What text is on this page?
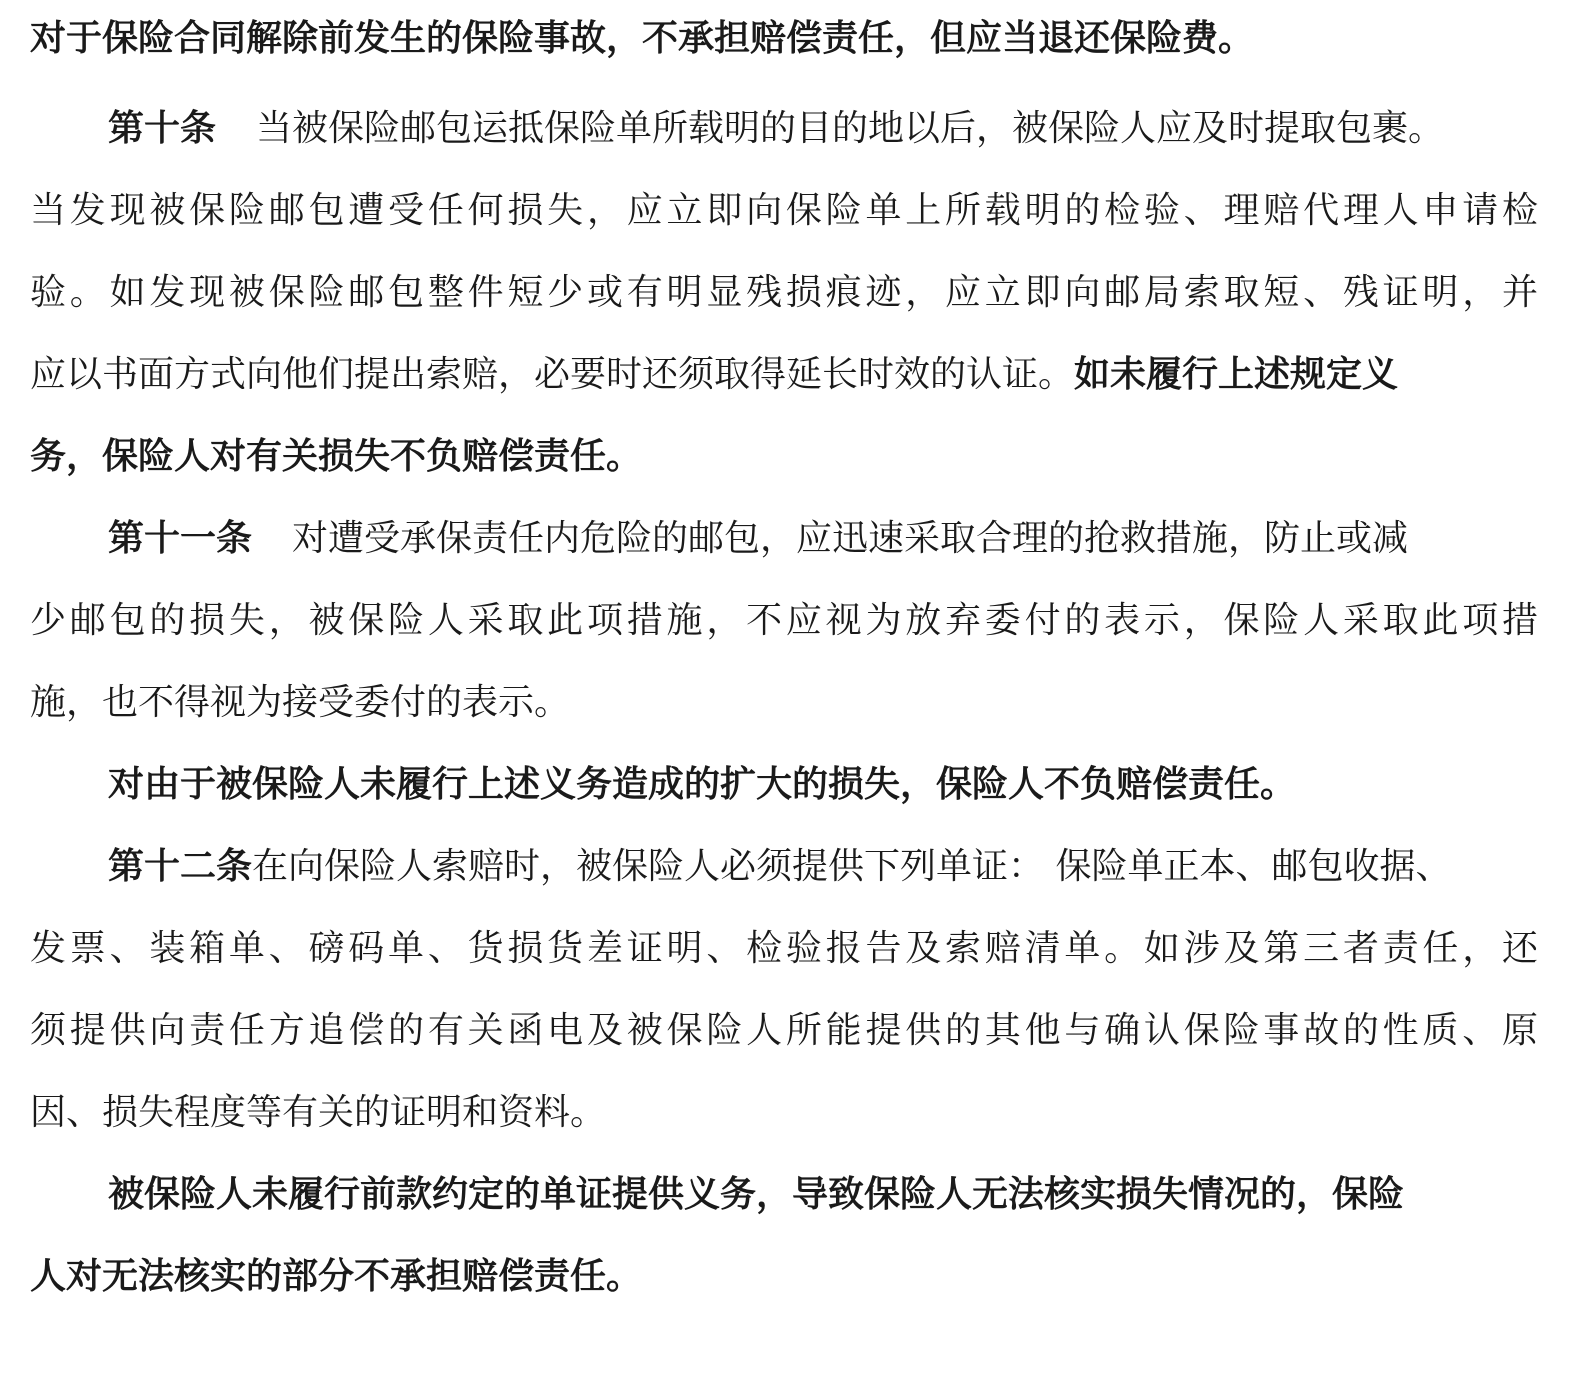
对于保险合同解除前发生的保险事故，不承担赔偿责任，但应当退还保险费。
第十条 当被保险邮包运抵保险单所载明的目的地以后，被保险人应及时提取包裹。
当发现被保险邮包遭受任何损失，应立即向保险单上所载明的检验、理赔代理人申请检
验。如发现被保险邮包整件短少或有明显残损痕迹，应立即向邮局索取短、残证明，并
应以书面方式向他们提出索赔，必要时还须取得延长时效的认证。如未履行上述规定义
务，保险人对有关损失不负赔偿责任。
第十一条 对遭受承保责任内危险的邮包，应迅速采取合理的抢救措施，防止或减
少邮包的损失，被保险人采取此项措施，不应视为放弃委付的表示，保险人采取此项措
施，也不得视为接受委付的表示。
对由于被保险人未履行上述义务造成的扩大的损失，保险人不负赔偿责任。
第十二条在向保险人索赔时，被保险人必须提供下列单证： 保险单正本、邮包收据、
发票、装箱单、磅码单、货损货差证明、检验报告及索赔清单。如涉及第三者责任，还
须提供向责任方追偿的有关函电及被保险人所能提供的其他与确认保险事故的性质、原
因、损失程度等有关的证明和资料。
被保险人未履行前款约定的单证提供义务，导致保险人无法核实损失情况的，保险
人对无法核实的部分不承担赔偿责任。
